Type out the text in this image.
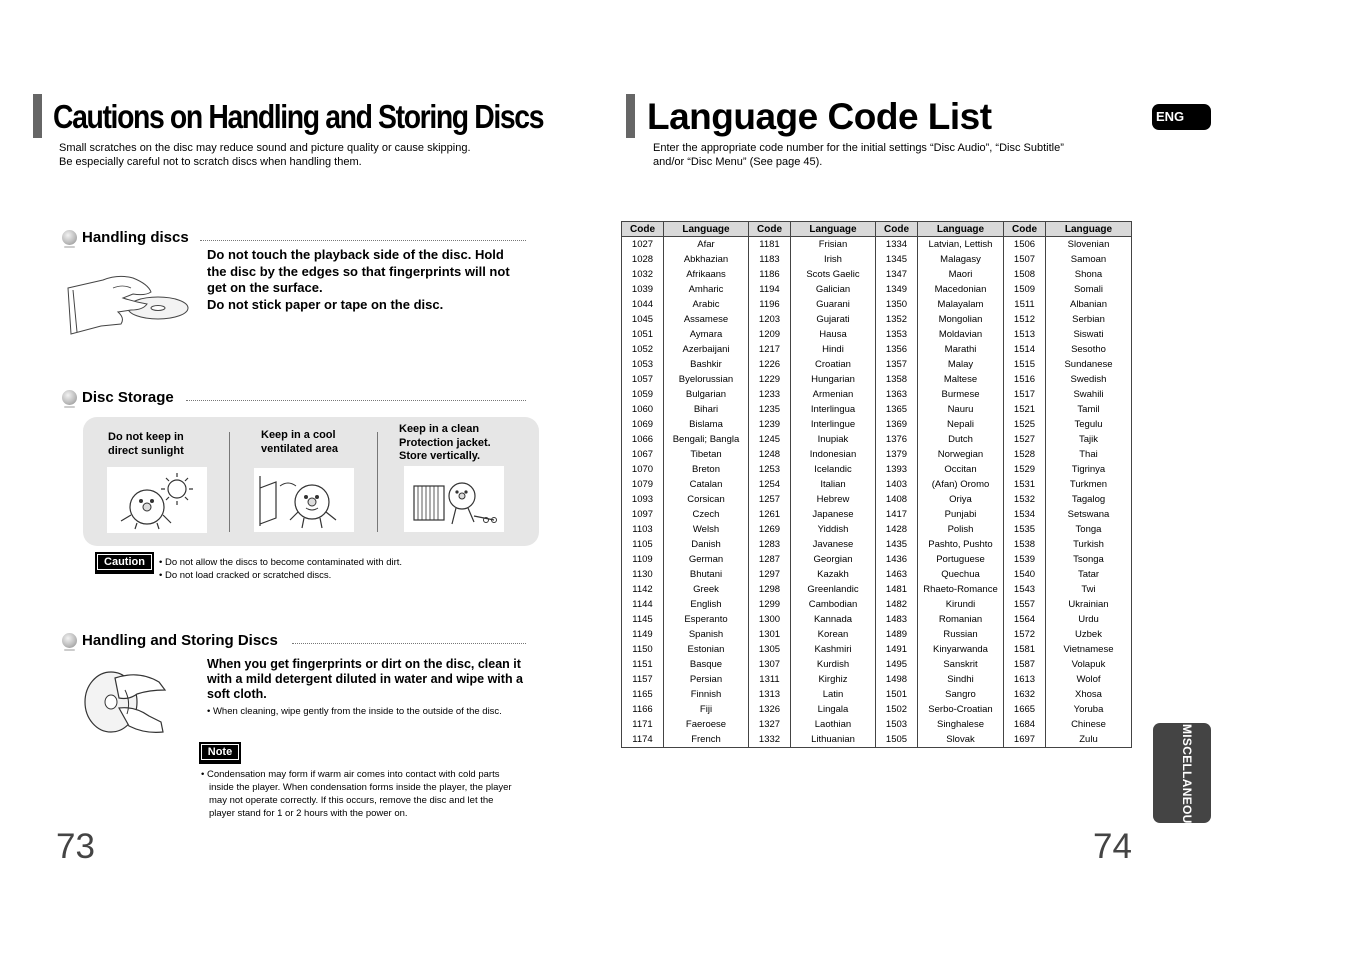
Cautions on Handling and Storing Discs
Small scratches on the disc may reduce sound and picture quality or cause skipping.
Be especially careful not to scratch discs when handling them.
Handling discs
Do not touch the playback side of the disc. Hold
the disc by the edges so that fingerprints will not
get on the surface.
Do not stick paper or tape on the disc.
Disc Storage
Do not keep in
direct sunlight
Keep in a cool
ventilated area
Keep in a clean
Protection jacket.
Store vertically.
Caution	• Do not allow the discs to become contaminated with dirt.
• Do not load cracked or scratched discs.
Handling and Storing Discs
When you get fingerprints or dirt on the disc, clean it
with a mild detergent diluted in water and wipe with a
soft cloth.
• When cleaning, wipe gently from the inside to the outside of the disc.
Note
• Condensation may form if warm air comes into contact with cold parts
inside the player. When condensation forms inside the player, the player
may not operate correctly. If this occurs, remove the disc and let the
player stand for 1 or 2 hours with the power on.
73
Language Code List
Enter the appropriate code number for the initial settings “Disc Audio”, “Disc Subtitle”
and/or “Disc Menu” (See page 45).
ENG
Code	Language	Code	Language	Code	Language	Code	Language
1027	Afar	1181	Frisian	1334	Latvian, Lettish	1506	Slovenian
1028	Abkhazian	1183	Irish	1345	Malagasy	1507	Samoan
1032	Afrikaans	1186	Scots Gaelic	1347	Maori	1508	Shona
1039	Amharic	1194	Galician	1349	Macedonian	1509	Somali
1044	Arabic	1196	Guarani	1350	Malayalam	1511	Albanian
1045	Assamese	1203	Gujarati	1352	Mongolian	1512	Serbian
1051	Aymara	1209	Hausa	1353	Moldavian	1513	Siswati
1052	Azerbaijani	1217	Hindi	1356	Marathi	1514	Sesotho
1053	Bashkir	1226	Croatian	1357	Malay	1515	Sundanese
1057	Byelorussian	1229	Hungarian	1358	Maltese	1516	Swedish
1059	Bulgarian	1233	Armenian	1363	Burmese	1517	Swahili
1060	Bihari	1235	Interlingua	1365	Nauru	1521	Tamil
1069	Bislama	1239	Interlingue	1369	Nepali	1525	Tegulu
1066	Bengali; Bangla	1245	Inupiak	1376	Dutch	1527	Tajik
1067	Tibetan	1248	Indonesian	1379	Norwegian	1528	Thai
1070	Breton	1253	Icelandic	1393	Occitan	1529	Tigrinya
1079	Catalan	1254	Italian	1403	(Afan) Oromo	1531	Turkmen
1093	Corsican	1257	Hebrew	1408	Oriya	1532	Tagalog
1097	Czech	1261	Japanese	1417	Punjabi	1534	Setswana
1103	Welsh	1269	Yiddish	1428	Polish	1535	Tonga
1105	Danish	1283	Javanese	1435	Pashto, Pushto	1538	Turkish
1109	German	1287	Georgian	1436	Portuguese	1539	Tsonga
1130	Bhutani	1297	Kazakh	1463	Quechua	1540	Tatar
1142	Greek	1298	Greenlandic	1481	Rhaeto-Romance	1543	Twi
1144	English	1299	Cambodian	1482	Kirundi	1557	Ukrainian
1145	Esperanto	1300	Kannada	1483	Romanian	1564	Urdu
1149	Spanish	1301	Korean	1489	Russian	1572	Uzbek
1150	Estonian	1305	Kashmiri	1491	Kinyarwanda	1581	Vietnamese
1151	Basque	1307	Kurdish	1495	Sanskrit	1587	Volapuk
1157	Persian	1311	Kirghiz	1498	Sindhi	1613	Wolof
1165	Finnish	1313	Latin	1501	Sangro	1632	Xhosa
1166	Fiji	1326	Lingala	1502	Serbo-Croatian	1665	Yoruba
1171	Faeroese	1327	Laothian	1503	Singhalese	1684	Chinese
1174	French	1332	Lithuanian	1505	Slovak	1697	Zulu	MISCELLANEOUS
74
